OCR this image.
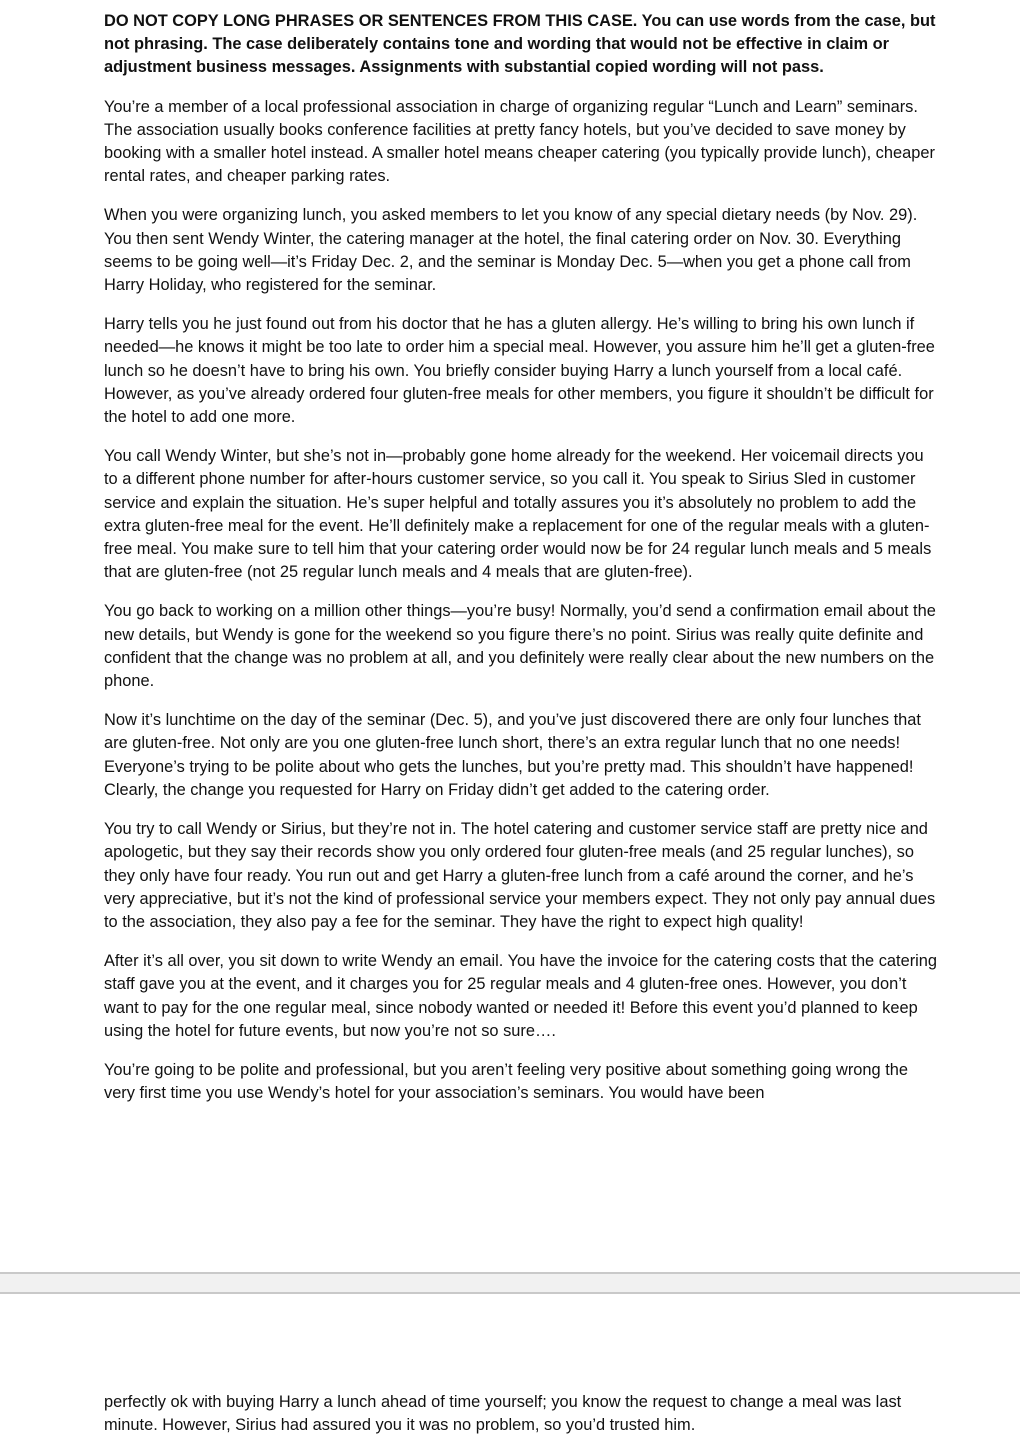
DO NOT COPY LONG PHRASES OR SENTENCES FROM THIS CASE. You can use words from the case, but not phrasing. The case deliberately contains tone and wording that would not be effective in claim or adjustment business messages. Assignments with substantial copied wording will not pass.

You’re a member of a local professional association in charge of organizing regular “Lunch and Learn” seminars. The association usually books conference facilities at pretty fancy hotels, but you’ve decided to save money by booking with a smaller hotel instead. A smaller hotel means cheaper catering (you typically provide lunch), cheaper rental rates, and cheaper parking rates.

When you were organizing lunch, you asked members to let you know of any special dietary needs (by Nov. 29). You then sent Wendy Winter, the catering manager at the hotel, the final catering order on Nov. 30. Everything seems to be going well—it’s Friday Dec. 2, and the seminar is Monday Dec. 5—when you get a phone call from Harry Holiday, who registered for the seminar.

Harry tells you he just found out from his doctor that he has a gluten allergy. He’s willing to bring his own lunch if needed—he knows it might be too late to order him a special meal. However, you assure him he’ll get a gluten-free lunch so he doesn’t have to bring his own. You briefly consider buying Harry a lunch yourself from a local café. However, as you’ve already ordered four gluten-free meals for other members, you figure it shouldn’t be difficult for the hotel to add one more.

You call Wendy Winter, but she’s not in—probably gone home already for the weekend. Her voicemail directs you to a different phone number for after-hours customer service, so you call it. You speak to Sirius Sled in customer service and explain the situation. He’s super helpful and totally assures you it’s absolutely no problem to add the extra gluten-free meal for the event. He’ll definitely make a replacement for one of the regular meals with a gluten-free meal. You make sure to tell him that your catering order would now be for 24 regular lunch meals and 5 meals that are gluten-free (not 25 regular lunch meals and 4 meals that are gluten-free).

You go back to working on a million other things—you’re busy! Normally, you’d send a confirmation email about the new details, but Wendy is gone for the weekend so you figure there’s no point. Sirius was really quite definite and confident that the change was no problem at all, and you definitely were really clear about the new numbers on the phone.

Now it’s lunchtime on the day of the seminar (Dec. 5), and you’ve just discovered there are only four lunches that are gluten-free. Not only are you one gluten-free lunch short, there’s an extra regular lunch that no one needs! Everyone’s trying to be polite about who gets the lunches, but you’re pretty mad. This shouldn’t have happened! Clearly, the change you requested for Harry on Friday didn’t get added to the catering order.

You try to call Wendy or Sirius, but they’re not in. The hotel catering and customer service staff are pretty nice and apologetic, but they say their records show you only ordered four gluten-free meals (and 25 regular lunches), so they only have four ready. You run out and get Harry a gluten-free lunch from a café around the corner, and he’s very appreciative, but it’s not the kind of professional service your members expect. They not only pay annual dues to the association, they also pay a fee for the seminar. They have the right to expect high quality!

After it’s all over, you sit down to write Wendy an email. You have the invoice for the catering costs that the catering staff gave you at the event, and it charges you for 25 regular meals and 4 gluten-free ones. However, you don’t want to pay for the one regular meal, since nobody wanted or needed it! Before this event you’d planned to keep using the hotel for future events, but now you’re not so sure….

You’re going to be polite and professional, but you aren’t feeling very positive about something going wrong the very first time you use Wendy’s hotel for your association’s seminars. You would have been

perfectly ok with buying Harry a lunch ahead of time yourself; you know the request to change a meal was last minute. However, Sirius had assured you it was no problem, so you’d trusted him.
